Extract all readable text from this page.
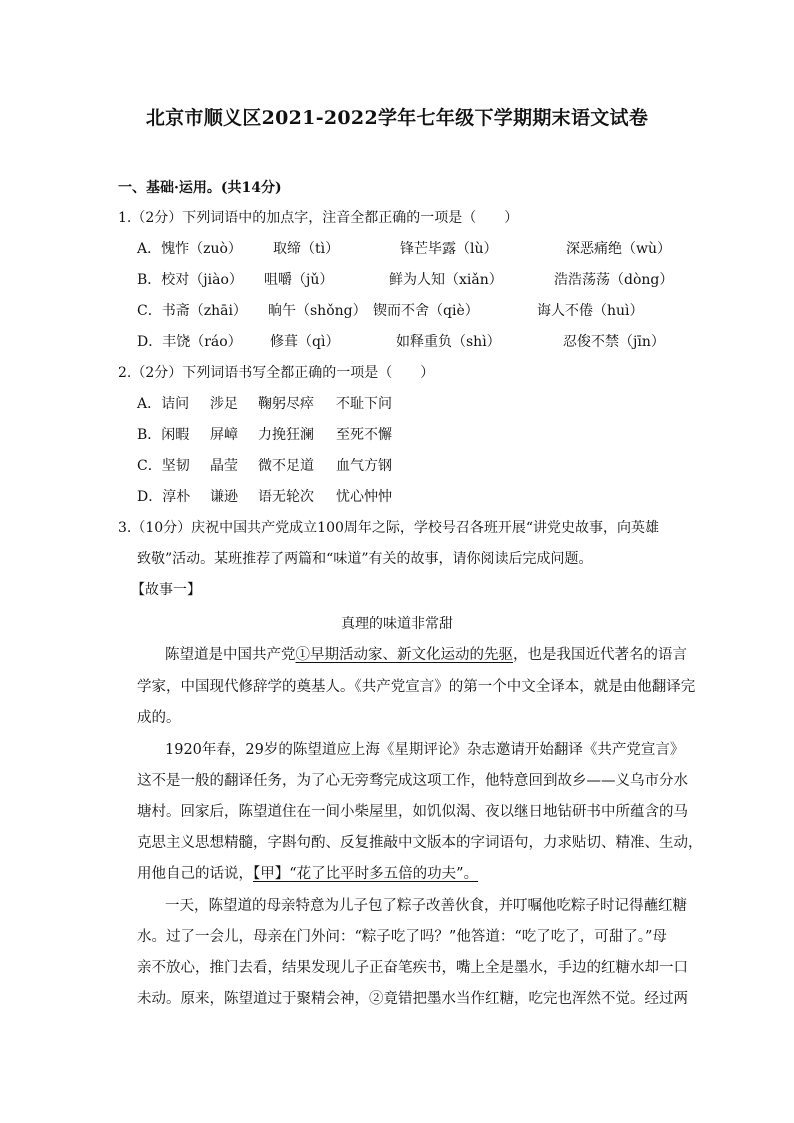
北京市顺义区2021-2022学年七年级下学期期末语文试卷
一、基础·运用。(共14分)
1.（2分）下列词语中的加点字，注音全都正确的一项是（　　）
A．愧怍（zuò） 取缔（tì）	锋芒毕露（lù）	深恶痛绝（wù）
B．校对（jiào） 咀嚼（jǔ）	鲜为人知（xiǎn）	浩浩荡荡（dòng）
C．书斋（zhāi） 晌午（shǒng） 锲而不舍（qiè）	诲人不倦（huì）
D．丰饶（ráo） 修葺（qì）	如释重负（shì）	忍俊不禁（jīn）
2.（2分）下列词语书写全都正确的一项是（　　）
A．诘问 涉足 鞠躬尽瘁 不耻下问
B．闲暇 屏嶂 力挽狂澜 至死不懈
C．坚韧 晶莹 微不足道 血气方钢
D．淳朴 谦逊 语无轮次 忧心忡忡
3.（10分）庆祝中国共产党成立100周年之际，学校号召各班开展“讲党史故事，向英雄
致敬”活动。某班推荐了两篇和“味道”有关的故事，请你阅读后完成问题。
【故事一】
真理的味道非常甜
陈望道是中国共产党①早期活动家、新文化运动的先驱，也是我国近代著名的语言
学家，中国现代修辞学的奠基人。《共产党宣言》的第一个中文全译本，就是由他翻译完
成的。
1920年春，29岁的陈望道应上海《星期评论》杂志邀请开始翻译《共产党宣言》
这不是一般的翻译任务，为了心无旁骛完成这项工作，他特意回到故乡——义乌市分水
塘村。回家后，陈望道住在一间小柴屋里，如饥似渴、夜以继日地钻研书中所蕴含的马
克思主义思想精髓，字斟句酌、反复推敲中文版本的字词语句，力求贴切、精准、生动，
用他自己的话说，【甲】“花了比平时多五倍的功夫”。
一天，陈望道的母亲特意为儿子包了粽子改善伙食，并叮嘱他吃粽子时记得蘸红糖
水。过了一会儿，母亲在门外问：“粽子吃了吗？”他答道：“吃了吃了，可甜了。”母
亲不放心，推门去看，结果发现儿子正奋笔疾书，嘴上全是墨水，手边的红糖水却一口
未动。原来，陈望道过于聚精会神，②竟错把墨水当作红糖，吃完也浑然不觉。经过两
